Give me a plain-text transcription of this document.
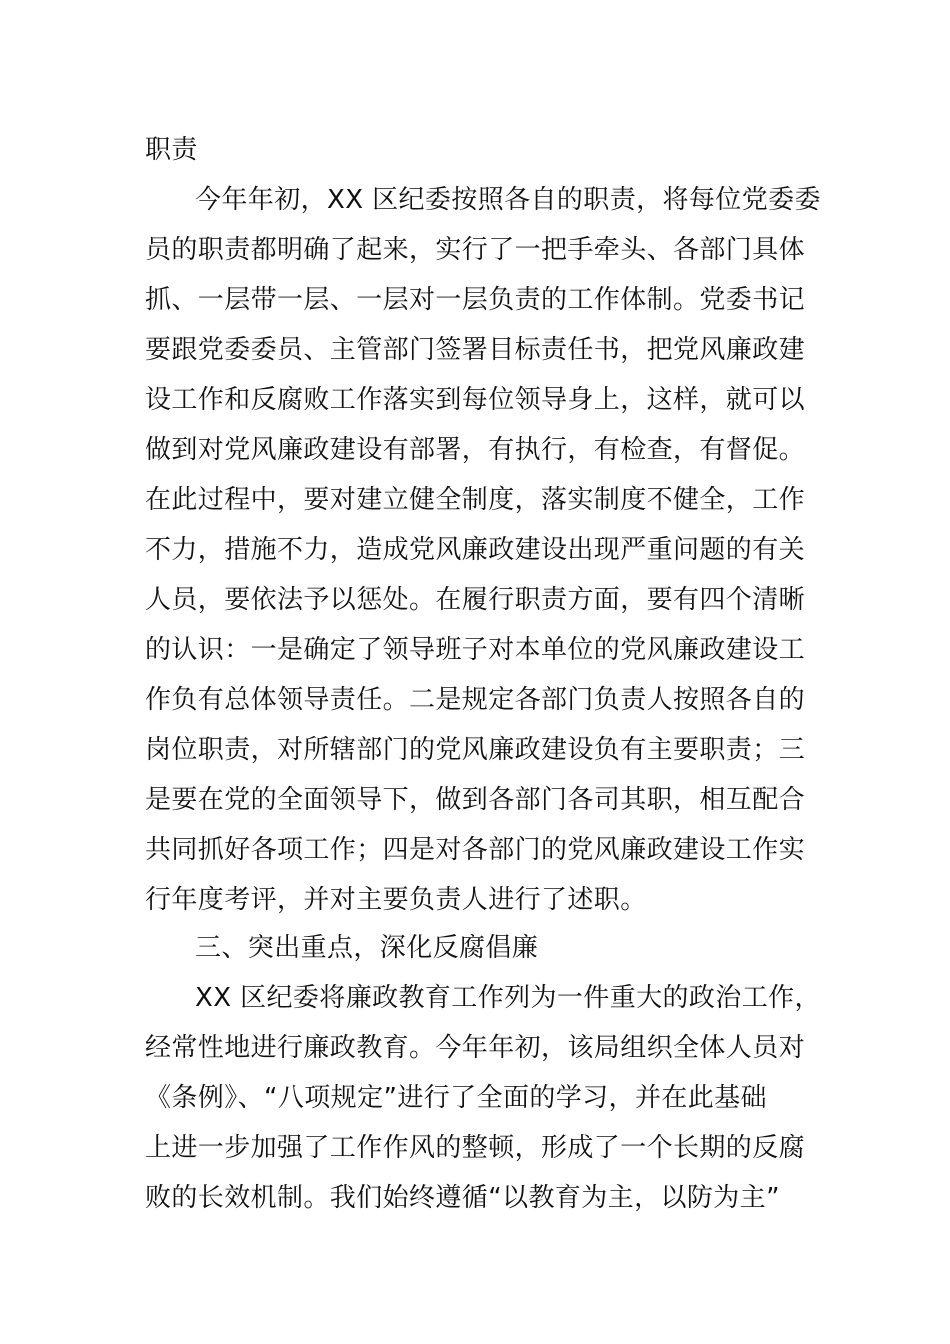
职责
今年年初，XX 区纪委按照各自的职责，将每位党委委
员的职责都明确了起来，实行了一把手牵头、各部门具体
抓、一层带一层、一层对一层负责的工作体制。党委书记
要跟党委委员、主管部门签署目标责任书，把党风廉政建
设工作和反腐败工作落实到每位领导身上，这样，就可以
做到对党风廉政建设有部署，有执行，有检查，有督促。
在此过程中，要对建立健全制度，落实制度不健全，工作
不力，措施不力，造成党风廉政建设出现严重问题的有关
人员，要依法予以惩处。在履行职责方面，要有四个清晰
的认识：一是确定了领导班子对本单位的党风廉政建设工
作负有总体领导责任。二是规定各部门负责人按照各自的
岗位职责，对所辖部门的党风廉政建设负有主要职责；三
是要在党的全面领导下，做到各部门各司其职，相互配合
共同抓好各项工作；四是对各部门的党风廉政建设工作实
行年度考评，并对主要负责人进行了述职。
三、突出重点，深化反腐倡廉
XX 区纪委将廉政教育工作列为一件重大的政治工作，
经常性地进行廉政教育。今年年初，该局组织全体人员对
《条例》、“八项规定”进行了全面的学习，并在此基础
上进一步加强了工作作风的整顿，形成了一个长期的反腐
败的长效机制。我们始终遵循“以教育为主，以防为主”
